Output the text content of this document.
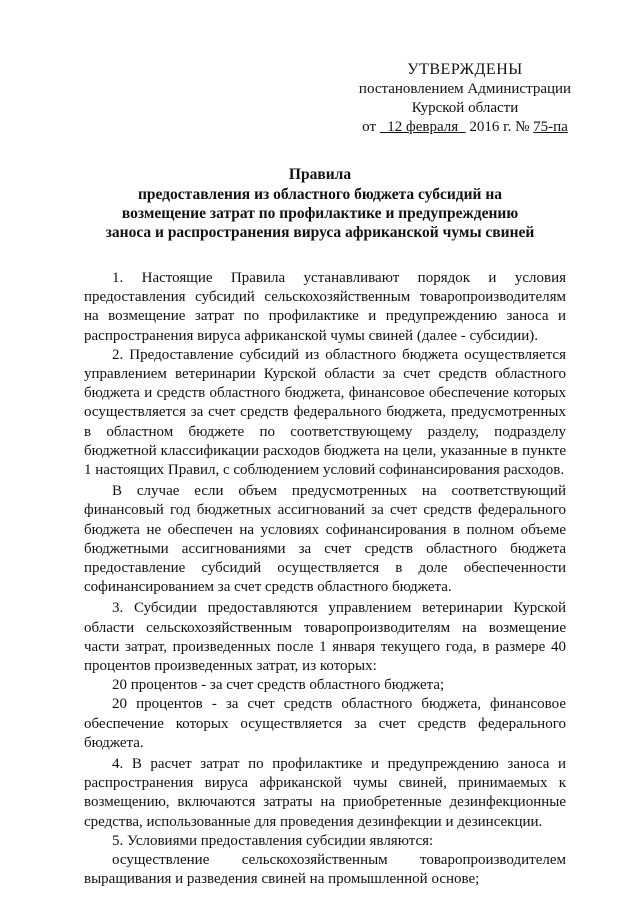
УТВЕРЖДЕНЫ
постановлением Администрации
Курской области
от 12 февраля 2016 г. № 75-па
Правила
предоставления из областного бюджета субсидий на возмещение затрат по профилактике и предупреждению заноса и распространения вируса африканской чумы свиней

1. Настоящие Правила устанавливают порядок и условия предоставления субсидий сельскохозяйственным товаропроизводителям на возмещение затрат по профилактике и предупреждению заноса и распространения вируса африканской чумы свиней (далее - субсидии).

2. Предоставление субсидий из областного бюджета осуществляется управлением ветеринарии Курской области за счет средств областного бюджета и средств областного бюджета, финансовое обеспечение которых осуществляется за счет средств федерального бюджета, предусмотренных в областном бюджете по соответствующему разделу, подразделу бюджетной классификации расходов бюджета на цели, указанные в пункте 1 настоящих Правил, с соблюдением условий софинансирования расходов.

В случае если объем предусмотренных на соответствующий финансовый год бюджетных ассигнований за счет средств федерального бюджета не обеспечен на условиях софинансирования в полном объеме бюджетными ассигнованиями за счет средств областного бюджета предоставление субсидий осуществляется в доле обеспеченности софинансированием за счет средств областного бюджета.

3. Субсидии предоставляются управлением ветеринарии Курской области сельскохозяйственным товаропроизводителям на возмещение части затрат, произведенных после 1 января текущего года, в размере 40 процентов произведенных затрат, из которых:

20 процентов - за счет средств областного бюджета;

20 процентов - за счет средств областного бюджета, финансовое обеспечение которых осуществляется за счет средств федерального бюджета.

4. В расчет затрат по профилактике и предупреждению заноса и распространения вируса африканской чумы свиней, принимаемых к возмещению, включаются затраты на приобретенные дезинфекционные средства, использованные для проведения дезинфекции и дезинсекции.

5. Условиями предоставления субсидии являются:

осуществление сельскохозяйственным товаропроизводителем выращивания и разведения свиней на промышленной основе;
